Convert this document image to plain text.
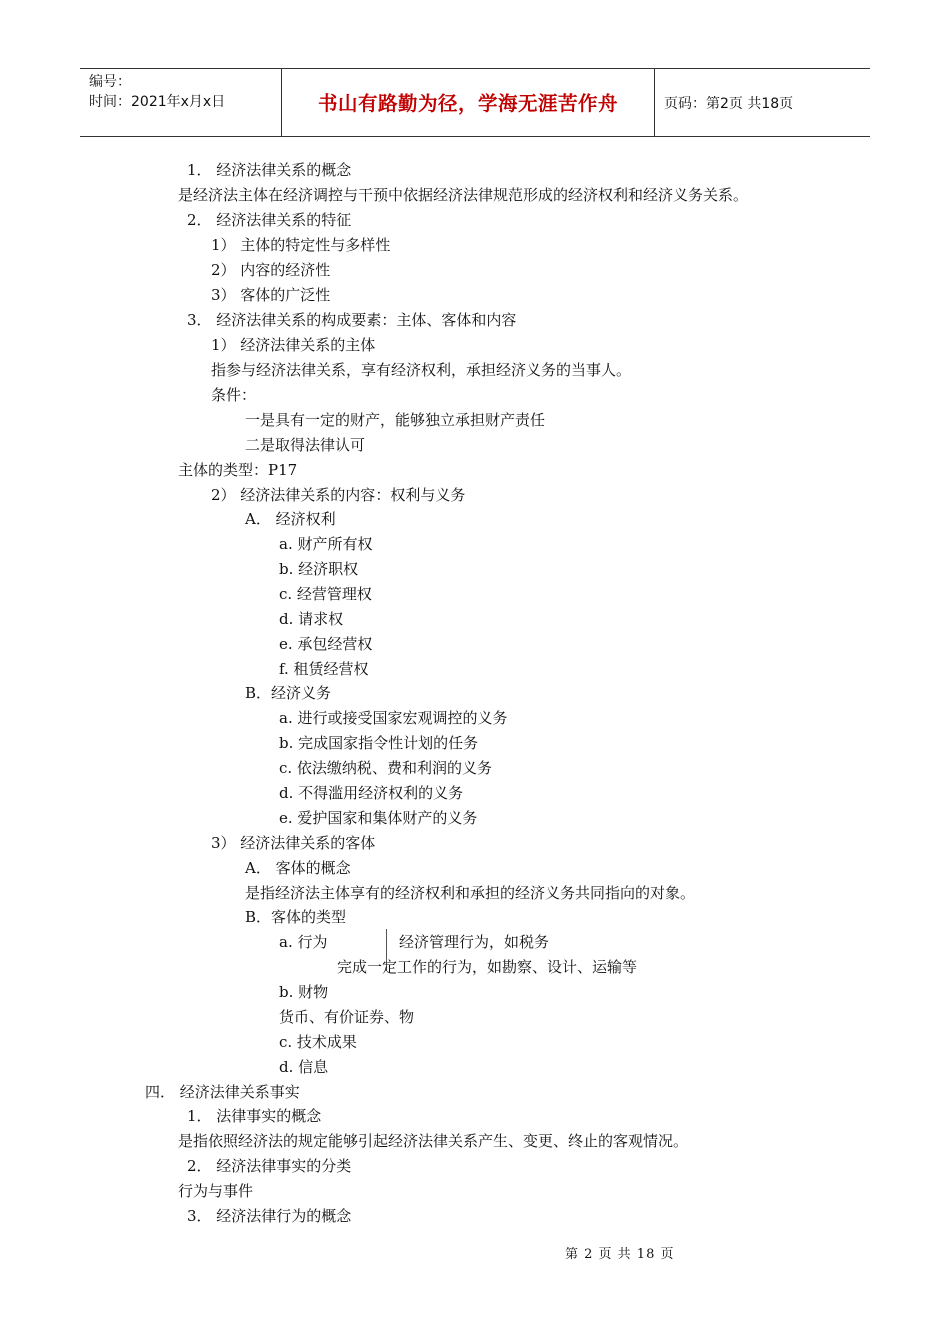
编号：
时间：2021年x月x日	书山有路勤为径，学海无涯苦作舟	页码：第2页 共18页
1． 经济法律关系的概念
是经济法主体在经济调控与干预中依据经济法律规范形成的经济权利和经济义务关系。
2． 经济法律关系的特征
1） 主体的特定性与多样性
2） 内容的经济性
3） 客体的广泛性
3． 经济法律关系的构成要素：主体、客体和内容
1） 经济法律关系的主体
指参与经济法律关系，享有经济权利，承担经济义务的当事人。
条件：
一是具有一定的财产，能够独立承担财产责任
二是取得法律认可
主体的类型：P17
2） 经济法律关系的内容：权利与义务
A． 经济权利
a. 财产所有权
b. 经济职权
c. 经营管理权
d. 请求权
e. 承包经营权
f. 租赁经营权
B．经济义务
a. 进行或接受国家宏观调控的义务
b. 完成国家指令性计划的任务
c. 依法缴纳税、费和利润的义务
d. 不得滥用经济权利的义务
e. 爱护国家和集体财产的义务
3） 经济法律关系的客体
A． 客体的概念
是指经济法主体享有的经济权利和承担的经济义务共同指向的对象。
B．客体的类型
a. 行为	经济管理行为，如税务
完成一定工作的行为，如勘察、设计、运输等
b. 财物
货币、有价证券、物
c. 技术成果
d. 信息
四． 经济法律关系事实
1． 法律事实的概念
是指依照经济法的规定能够引起经济法律关系产生、变更、终止的客观情况。
2． 经济法律事实的分类
行为与事件
3． 经济法律行为的概念
第 2 页 共 18 页
